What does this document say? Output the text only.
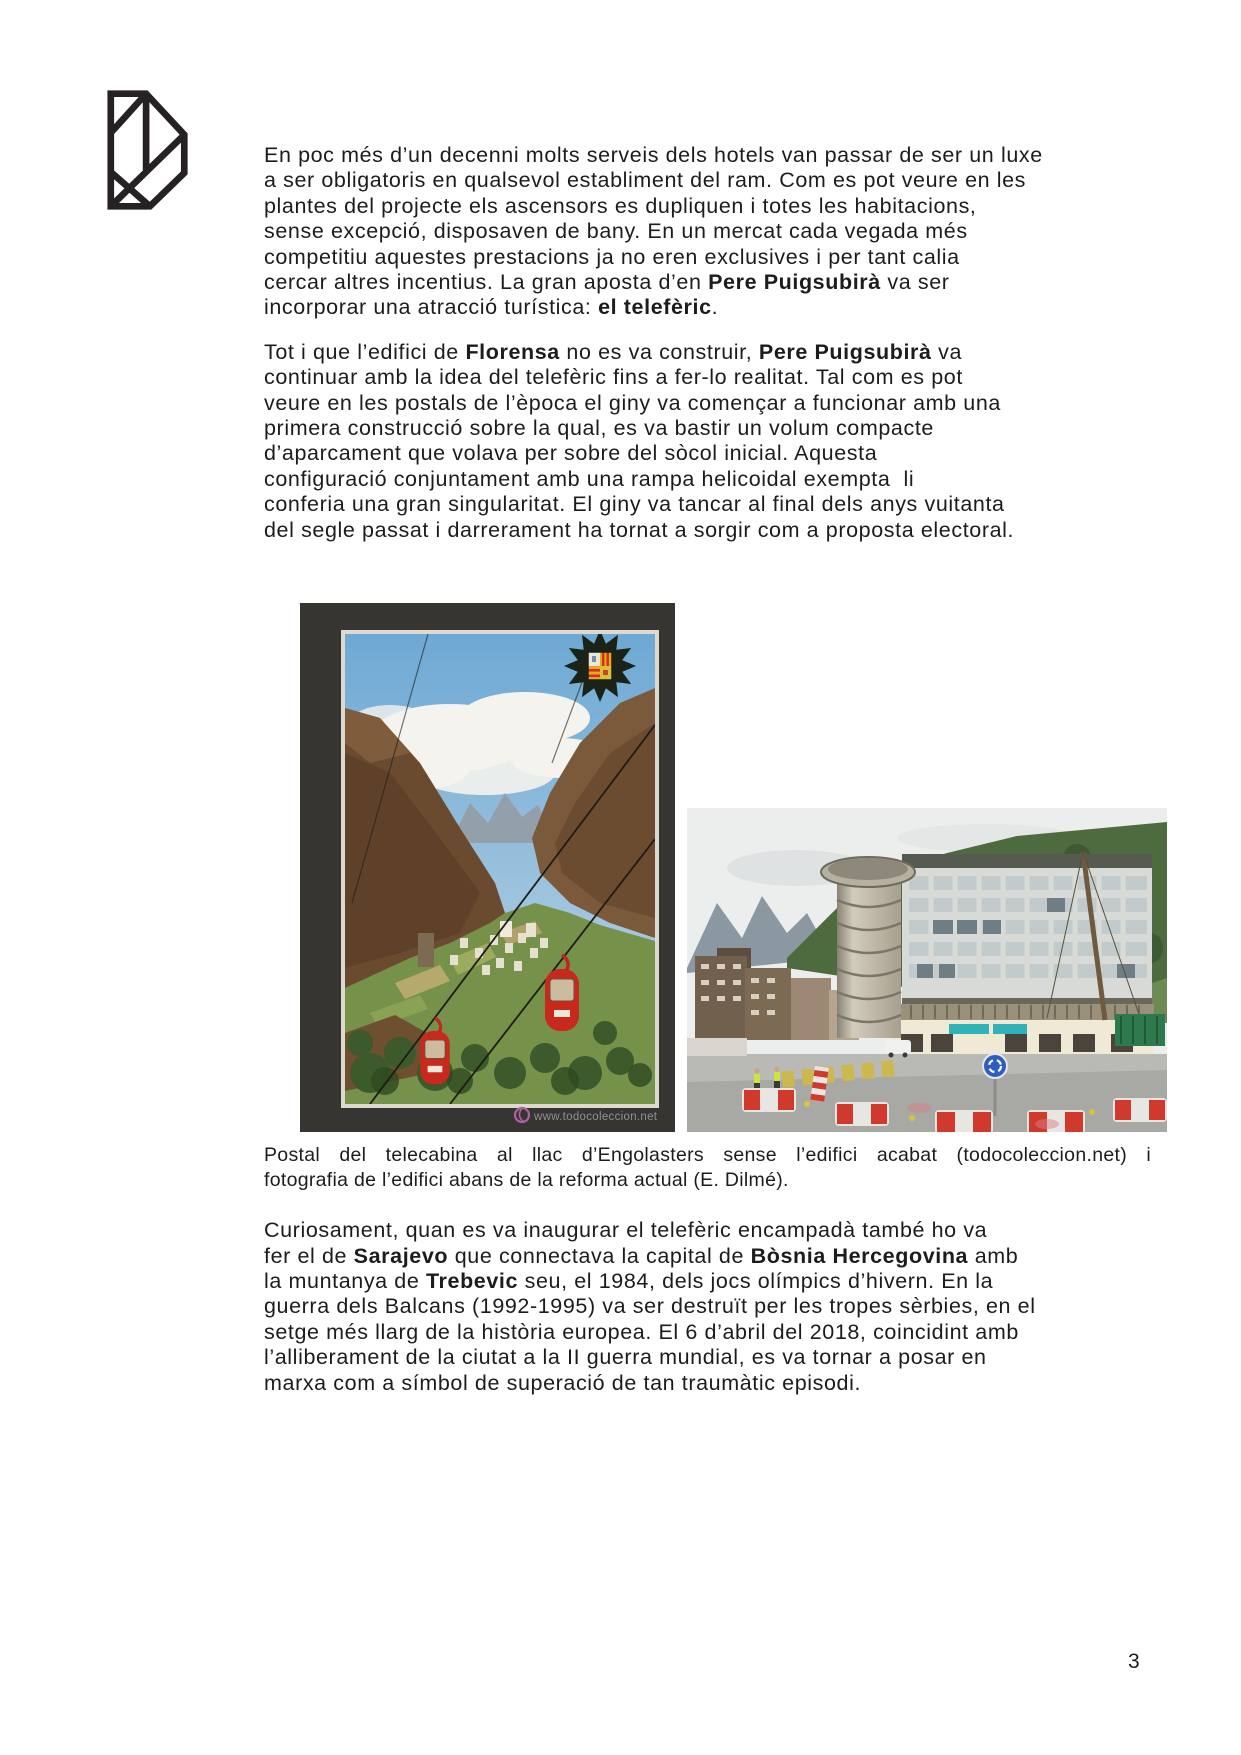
En poc més d’un decenni molts serveis dels hotels van passar de ser un luxe
a ser obligatoris en qualsevol establiment del ram. Com es pot veure en les
plantes del projecte els ascensors es dupliquen i totes les habitacions,
sense excepció, disposaven de bany. En un mercat cada vegada més
competitiu aquestes prestacions ja no eren exclusives i per tant calia
cercar altres incentius. La gran aposta d’en Pere Puigsubirà va ser
incorporar una atracció turística: el telefèric.
Tot i que l’edifici de Florensa no es va construir, Pere Puigsubirà va
continuar amb la idea del telefèric fins a fer-lo realitat. Tal com es pot
veure en les postals de l’època el giny va començar a funcionar amb una
primera construcció sobre la qual, es va bastir un volum compacte
d’aparcament que volava per sobre del sòcol inicial. Aquesta
configuració conjuntament amb una rampa helicoidal exempta  li
conferia una gran singularitat. El giny va tancar al final dels anys vuitanta
del segle passat i darrerament ha tornat a sorgir com a proposta electoral.
www.todocoleccion.net
Postal del telecabina al llac d’Engolasters sense l’edifici acabat (todocoleccion.net) i
fotografia de l’edifici abans de la reforma actual (E. Dilmé).
Curiosament, quan es va inaugurar el telefèric encampadà també ho va
fer el de Sarajevo que connectava la capital de Bòsnia Hercegovina amb
la muntanya de Trebevic seu, el 1984, dels jocs olímpics d’hivern. En la
guerra dels Balcans (1992-1995) va ser destruït per les tropes sèrbies, en el
setge més llarg de la història europea. El 6 d’abril del 2018, coincidint amb
l’alliberament de la ciutat a la II guerra mundial, es va tornar a posar en
marxa com a símbol de superació de tan traumàtic episodi.
3
